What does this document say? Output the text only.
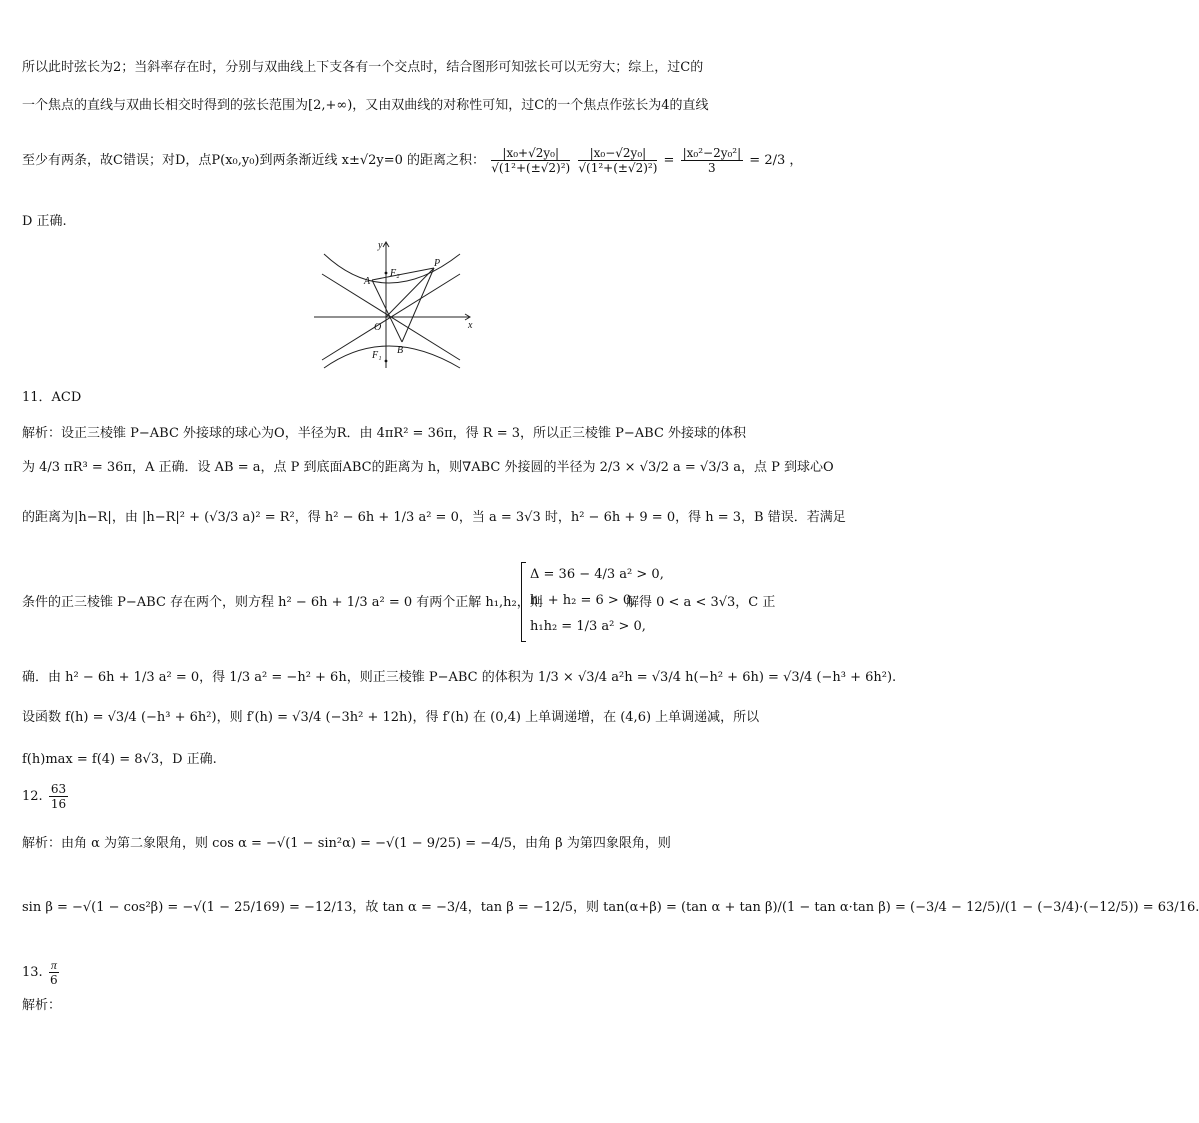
所以此时弦长为2；当斜率存在时，分别与双曲线上下支各有一个交点时，结合图形可知弦长可以无穷大；综上，过C的
一个焦点的直线与双曲长相交时得到的弦长范围为[2,+∞)，又由双曲线的对称性可知，过C的一个焦点作弦长为4的直线
至少有两条，故C错误；对D，点P(x₀,y₀)到两条渐近线 x±√2y=0 的距离之积： $\frac{\text{|x₀+√2y₀|}}{\text{√(1²+(±√2)²)}}$
$\frac{\text{|x₀−√2y₀|}}{\text{√(1²+(±√2)²)}} = \frac{\text{|x₀²−2y₀²|}}{3} = 2/3$ ，
D 正确.
x
y
O
A
P
B
F₂
F₁
11．ACD
解析：设正三棱锥 P−ABC 外接球的球心为O，半径为R．由 4πR² = 36π，得 R = 3，所以正三棱锥 P−ABC 外接球的体积
为 4/3 πR³ = 36π，A 正确．设 AB = a，点 P 到底面ABC的距离为 h，则∇ABC 外接圆的半径为 2/3 × √3/2 a = √3/3 a，点 P 到球心O
的距离为|h−R|，由 |h−R|² + (√3/3 a)² = R²，得 h² − 6h + 1/3 a² = 0，当 a = 3√3 时，h² − 6h + 9 = 0，得 h = 3，B 错误．若满足
条件的正三棱锥 P−ABC 存在两个，则方程 h² − 6h + 1/3 a² = 0 有两个正解 h₁,h₂，则
Δ = 36 − 4/3 a² > 0,
h₁ + h₂ = 6 > 0,
h₁h₂ = 1/3 a² > 0,
解得 0 < a < 3√3，C 正
确．由 h² − 6h + 1/3 a² = 0，得 1/3 a² = −h² + 6h，则正三棱锥 P−ABC 的体积为 1/3 × √3/4 a²h = √3/4 h(−h² + 6h) = √3/4 (−h³ + 6h²).
设函数 f(h) = √3/4 (−h³ + 6h²)，则 f′(h) = √3/4 (−3h² + 12h)，得 f′(h) 在 (0,4) 上单调递增，在 (4,6) 上单调递减，所以
f(h)max = f(4) = 8√3，D 正确.
12. $\frac{63}{16}$
解析：由角 α 为第二象限角，则 cos α = −√(1 − sin²α) = −√(1 − 9/25) = −4/5，由角 β 为第四象限角，则
sin β = −√(1 − cos²β) = −√(1 − 25/169) = −12/13，故 tan α = −3/4，tan β = −12/5，则 tan(α+β) = (tan α + tan β)/(1 − tan α·tan β) = (−3/4 − 12/5)/(1 − (−3/4)·(−12/5)) = 63/16.
13. $\frac{\pi}{6}$
解析：
